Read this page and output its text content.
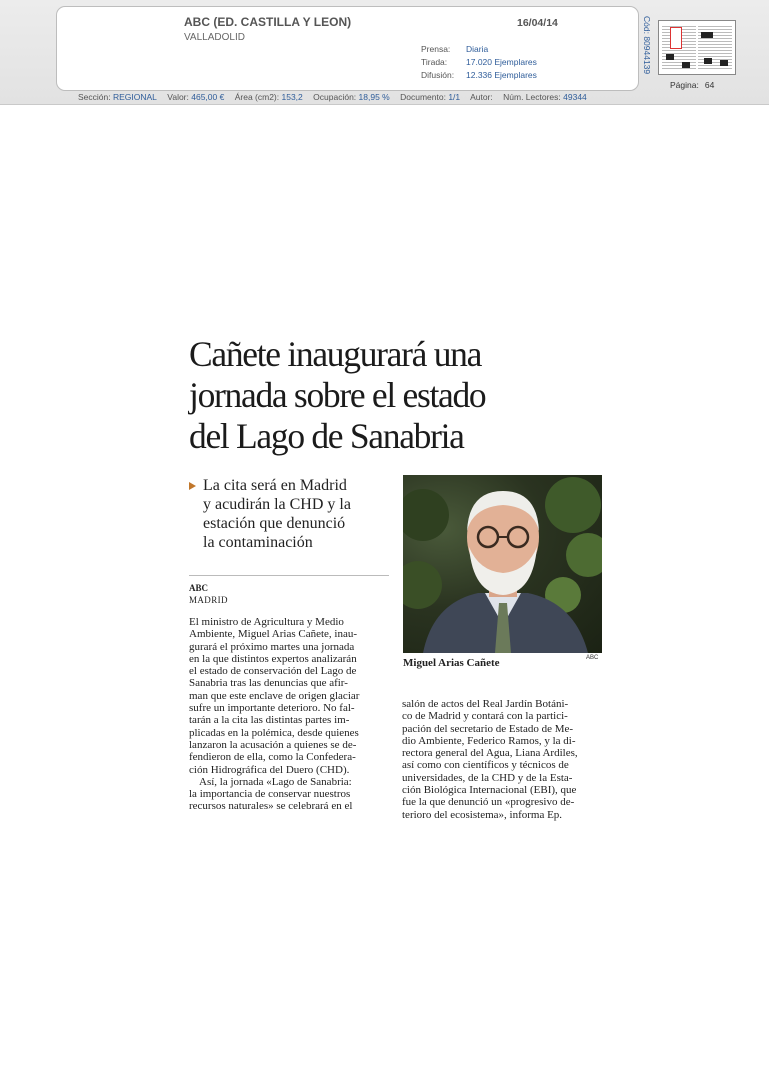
ABC (ED. CASTILLA Y LEON)
VALLADOLID
16/04/14
Prensa: Diaria
Tirada: 17.020 Ejemplares
Difusión: 12.336 Ejemplares
Cód: 80944139
Página: 64
Sección: REGIONAL Valor: 465,00 € Área (cm2): 153,2 Ocupación: 18,95 % Documento: 1/1 Autor: Núm. Lectores: 49344
Cañete inaugurará una
jornada sobre el estado
del Lago de Sanabria
La cita será en Madrid
y acudirán la CHD y la
estación que denunció
la contaminación
ABC
MADRID
El ministro de Agricultura y Medio
Ambiente, Miguel Arias Cañete, inau-
gurará el próximo martes una jornada
en la que distintos expertos analizarán
el estado de conservación del Lago de
Sanabria tras las denuncias que afir-
man que este enclave de origen glaciar
sufre un importante deterioro. No fal-
tarán a la cita las distintas partes im-
plicadas en la polémica, desde quienes
lanzaron la acusación a quienes se de-
fendieron de ella, como la Confedera-
ción Hidrográfica del Duero (CHD).
Así, la jornada «Lago de Sanabria:
la importancia de conservar nuestros
recursos naturales» se celebrará en el
Miguel Arias Cañete	ABC
salón de actos del Real Jardín Botáni-
co de Madrid y contará con la partici-
pación del secretario de Estado de Me-
dio Ambiente, Federico Ramos, y la di-
rectora general del Agua, Liana Ardiles,
así como con científicos y técnicos de
universidades, de la CHD y de la Esta-
ción Biológica Internacional (EBI), que
fue la que denunció un «progresivo de-
terioro del ecosistema», informa Ep.
